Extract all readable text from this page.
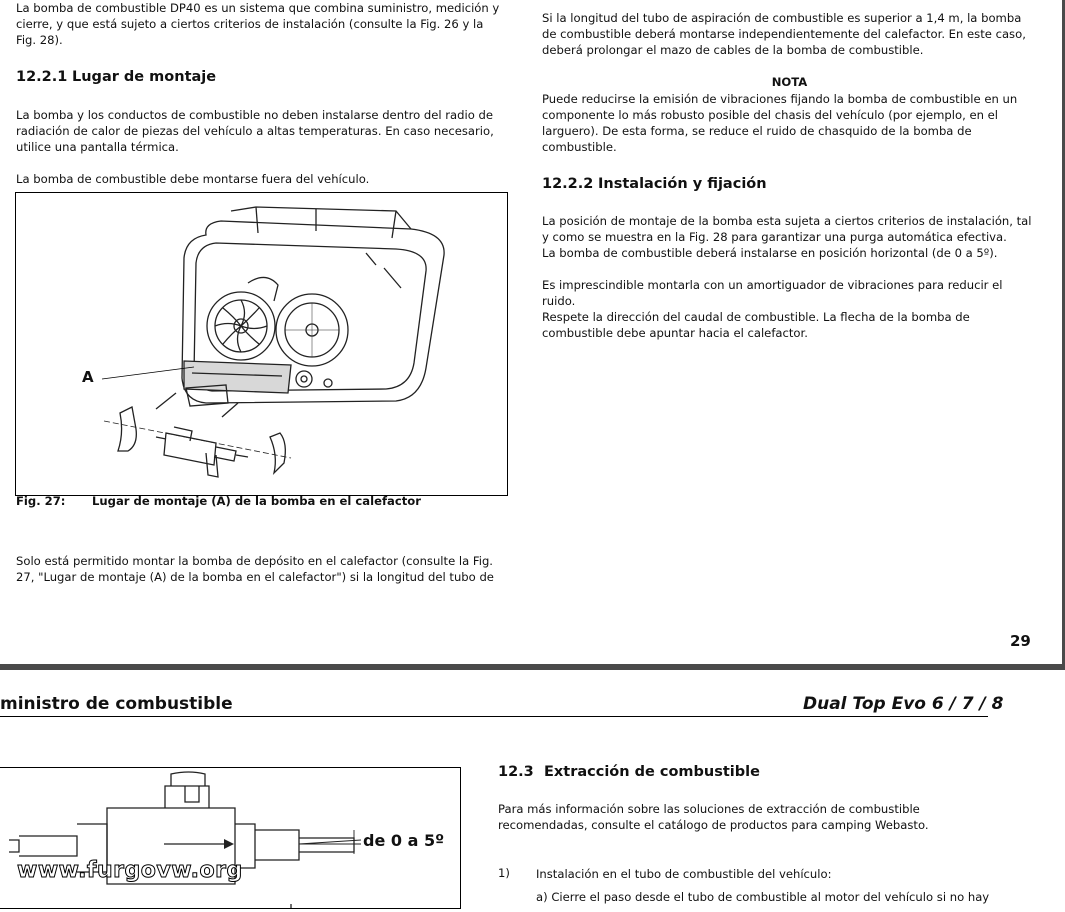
La bomba de combustible DP40 es un sistema que combina suministro, medición y cierre, y que está sujeto a ciertos criterios de instalación (consulte la Fig. 26 y la Fig. 28).

12.2.1 Lugar de montaje

La bomba y los conductos de combustible no deben instalarse dentro del radio de radiación de calor de piezas del vehículo a altas temperaturas. En caso necesario, utilice una pantalla térmica.

La bomba de combustible debe montarse fuera del vehículo.

A
Fig. 27: Lugar de montaje (A) de la bomba en el calefactor

Solo está permitido montar la bomba de depósito en el calefactor (consulte la Fig. 27, "Lugar de montaje (A) de la bomba en el calefactor") si la longitud del tubo de

Si la longitud del tubo de aspiración de combustible es superior a 1,4 m, la bomba de combustible deberá montarse independientemente del calefactor. En este caso, deberá prolongar el mazo de cables de la bomba de combustible.

NOTA

Puede reducirse la emisión de vibraciones fijando la bomba de combustible en un componente lo más robusto posible del chasis del vehículo (por ejemplo, en el larguero). De esta forma, se reduce el ruido de chasquido de la bomba de combustible.

12.2.2 Instalación y fijación

La posición de montaje de la bomba esta sujeta a ciertos criterios de instalación, tal y como se muestra en la Fig. 28 para garantizar una purga automática efectiva.

La bomba de combustible deberá instalarse en posición horizontal (de 0 a 5º).

Es imprescindible montarla con un amortiguador de vibraciones para reducir el ruido.

Respete la dirección del caudal de combustible. La flecha de la bomba de combustible debe apuntar hacia el calefactor.

29
ministro de combustible	Dual Top Evo 6 / 7 / 8
de 0 a 5º
www.furgovw.org
12.3 Extracción de combustible

Para más información sobre las soluciones de extracción de combustible recomendadas, consulte el catálogo de productos para camping Webasto.

1) Instalación en el tubo de combustible del vehículo:
a) Cierre el paso desde el tubo de combustible al motor del vehículo si no hay
